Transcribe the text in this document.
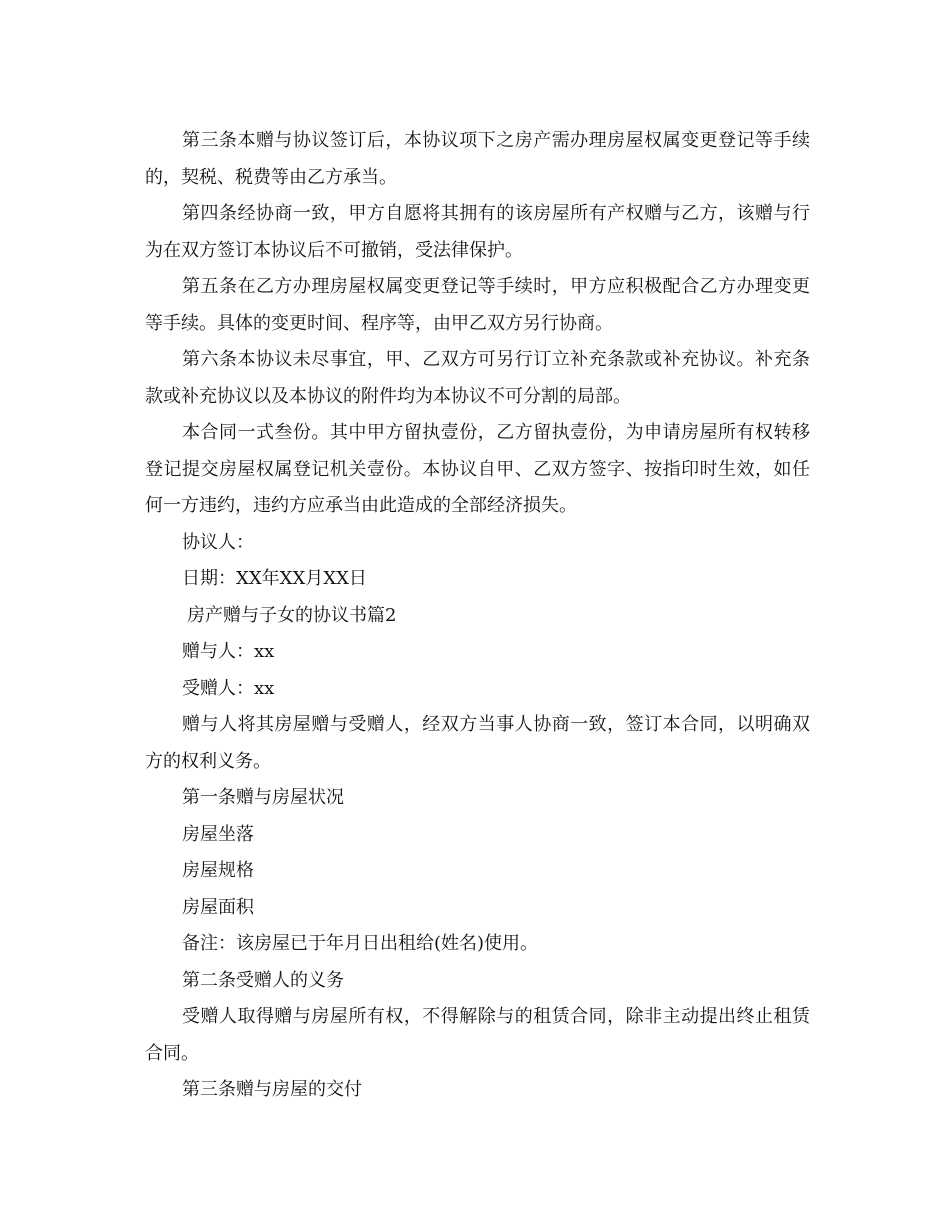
第三条本赠与协议签订后，本协议项下之房产需办理房屋权属变更登记等手续的，契税、税费等由乙方承当。

第四条经协商一致，甲方自愿将其拥有的该房屋所有产权赠与乙方，该赠与行为在双方签订本协议后不可撤销，受法律保护。

第五条在乙方办理房屋权属变更登记等手续时，甲方应积极配合乙方办理变更等手续。具体的变更时间、程序等，由甲乙双方另行协商。

第六条本协议未尽事宜，甲、乙双方可另行订立补充条款或补充协议。补充条款或补充协议以及本协议的附件均为本协议不可分割的局部。

本合同一式叁份。其中甲方留执壹份，乙方留执壹份，为申请房屋所有权转移登记提交房屋权属登记机关壹份。本协议自甲、乙双方签字、按指印时生效，如任何一方违约，违约方应承当由此造成的全部经济损失。

协议人：

日期：XX年XX月XX日

房产赠与子女的协议书篇2

赠与人：xx

受赠人：xx

赠与人将其房屋赠与受赠人，经双方当事人协商一致，签订本合同，以明确双方的权利义务。

第一条赠与房屋状况

房屋坐落

房屋规格

房屋面积

备注：该房屋已于年月日出租给(姓名)使用。

第二条受赠人的义务

受赠人取得赠与房屋所有权，不得解除与的租赁合同，除非主动提出终止租赁合同。

第三条赠与房屋的交付
